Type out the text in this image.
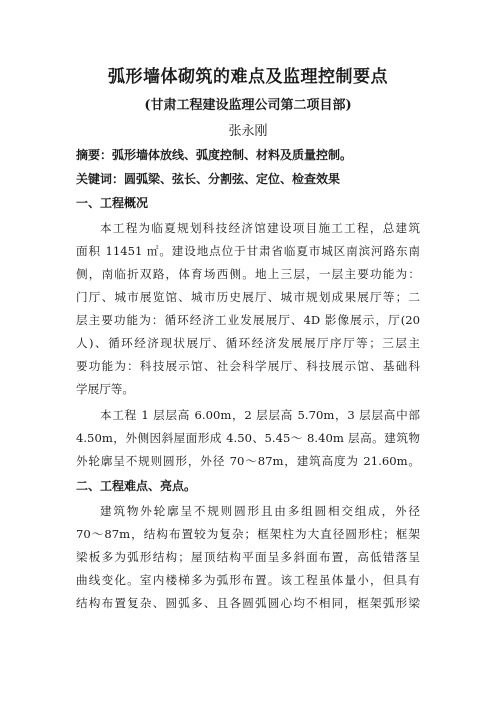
弧形墙体砌筑的难点及监理控制要点
(甘肃工程建设监理公司第二项目部)
张永刚
摘要：弧形墙体放线、弧度控制、材料及质量控制。
关键词：圆弧梁、弦长、分割弦、定位、检查效果
一、工程概况
本工程为临夏规划科技经济馆建设项目施工工程，总建筑
面积 11451 ㎡。建设地点位于甘肃省临夏市城区南滨河路东南
侧，南临折双路，体育场西侧。地上三层，一层主要功能为：
门厅、城市展览馆、城市历史展厅、城市规划成果展厅等；二
层主要功能为：循环经济工业发展展厅、4D 影像展示，厅(20
人)、循环经济现状展厅、循环经济发展展厅序厅等；三层主
要功能为：科技展示馆、社会科学展厅、科技展示馆、基础科
学展厅等。
本工程 1 层层高 6.00m，2 层层高 5.70m，3 层层高中部
4.50m，外侧因斜屋面形成 4.50、5.45～ 8.40m 层高。建筑物
外轮廓呈不规则圆形，外径 70～87m，建筑高度为 21.60m。
二、工程难点、亮点。
建筑物外轮廓呈不规则圆形且由多组圆相交组成，外径
70～87m，结构布置较为复杂；框架柱为大直径圆形柱；框架
梁板多为弧形结构；屋顶结构平面呈多斜面布置，高低错落呈
曲线变化。室内楼梯多为弧形布置。该工程虽体量小，但具有
结构布置复杂、圆弧多、且各圆弧圆心均不相同，框架弧形梁
